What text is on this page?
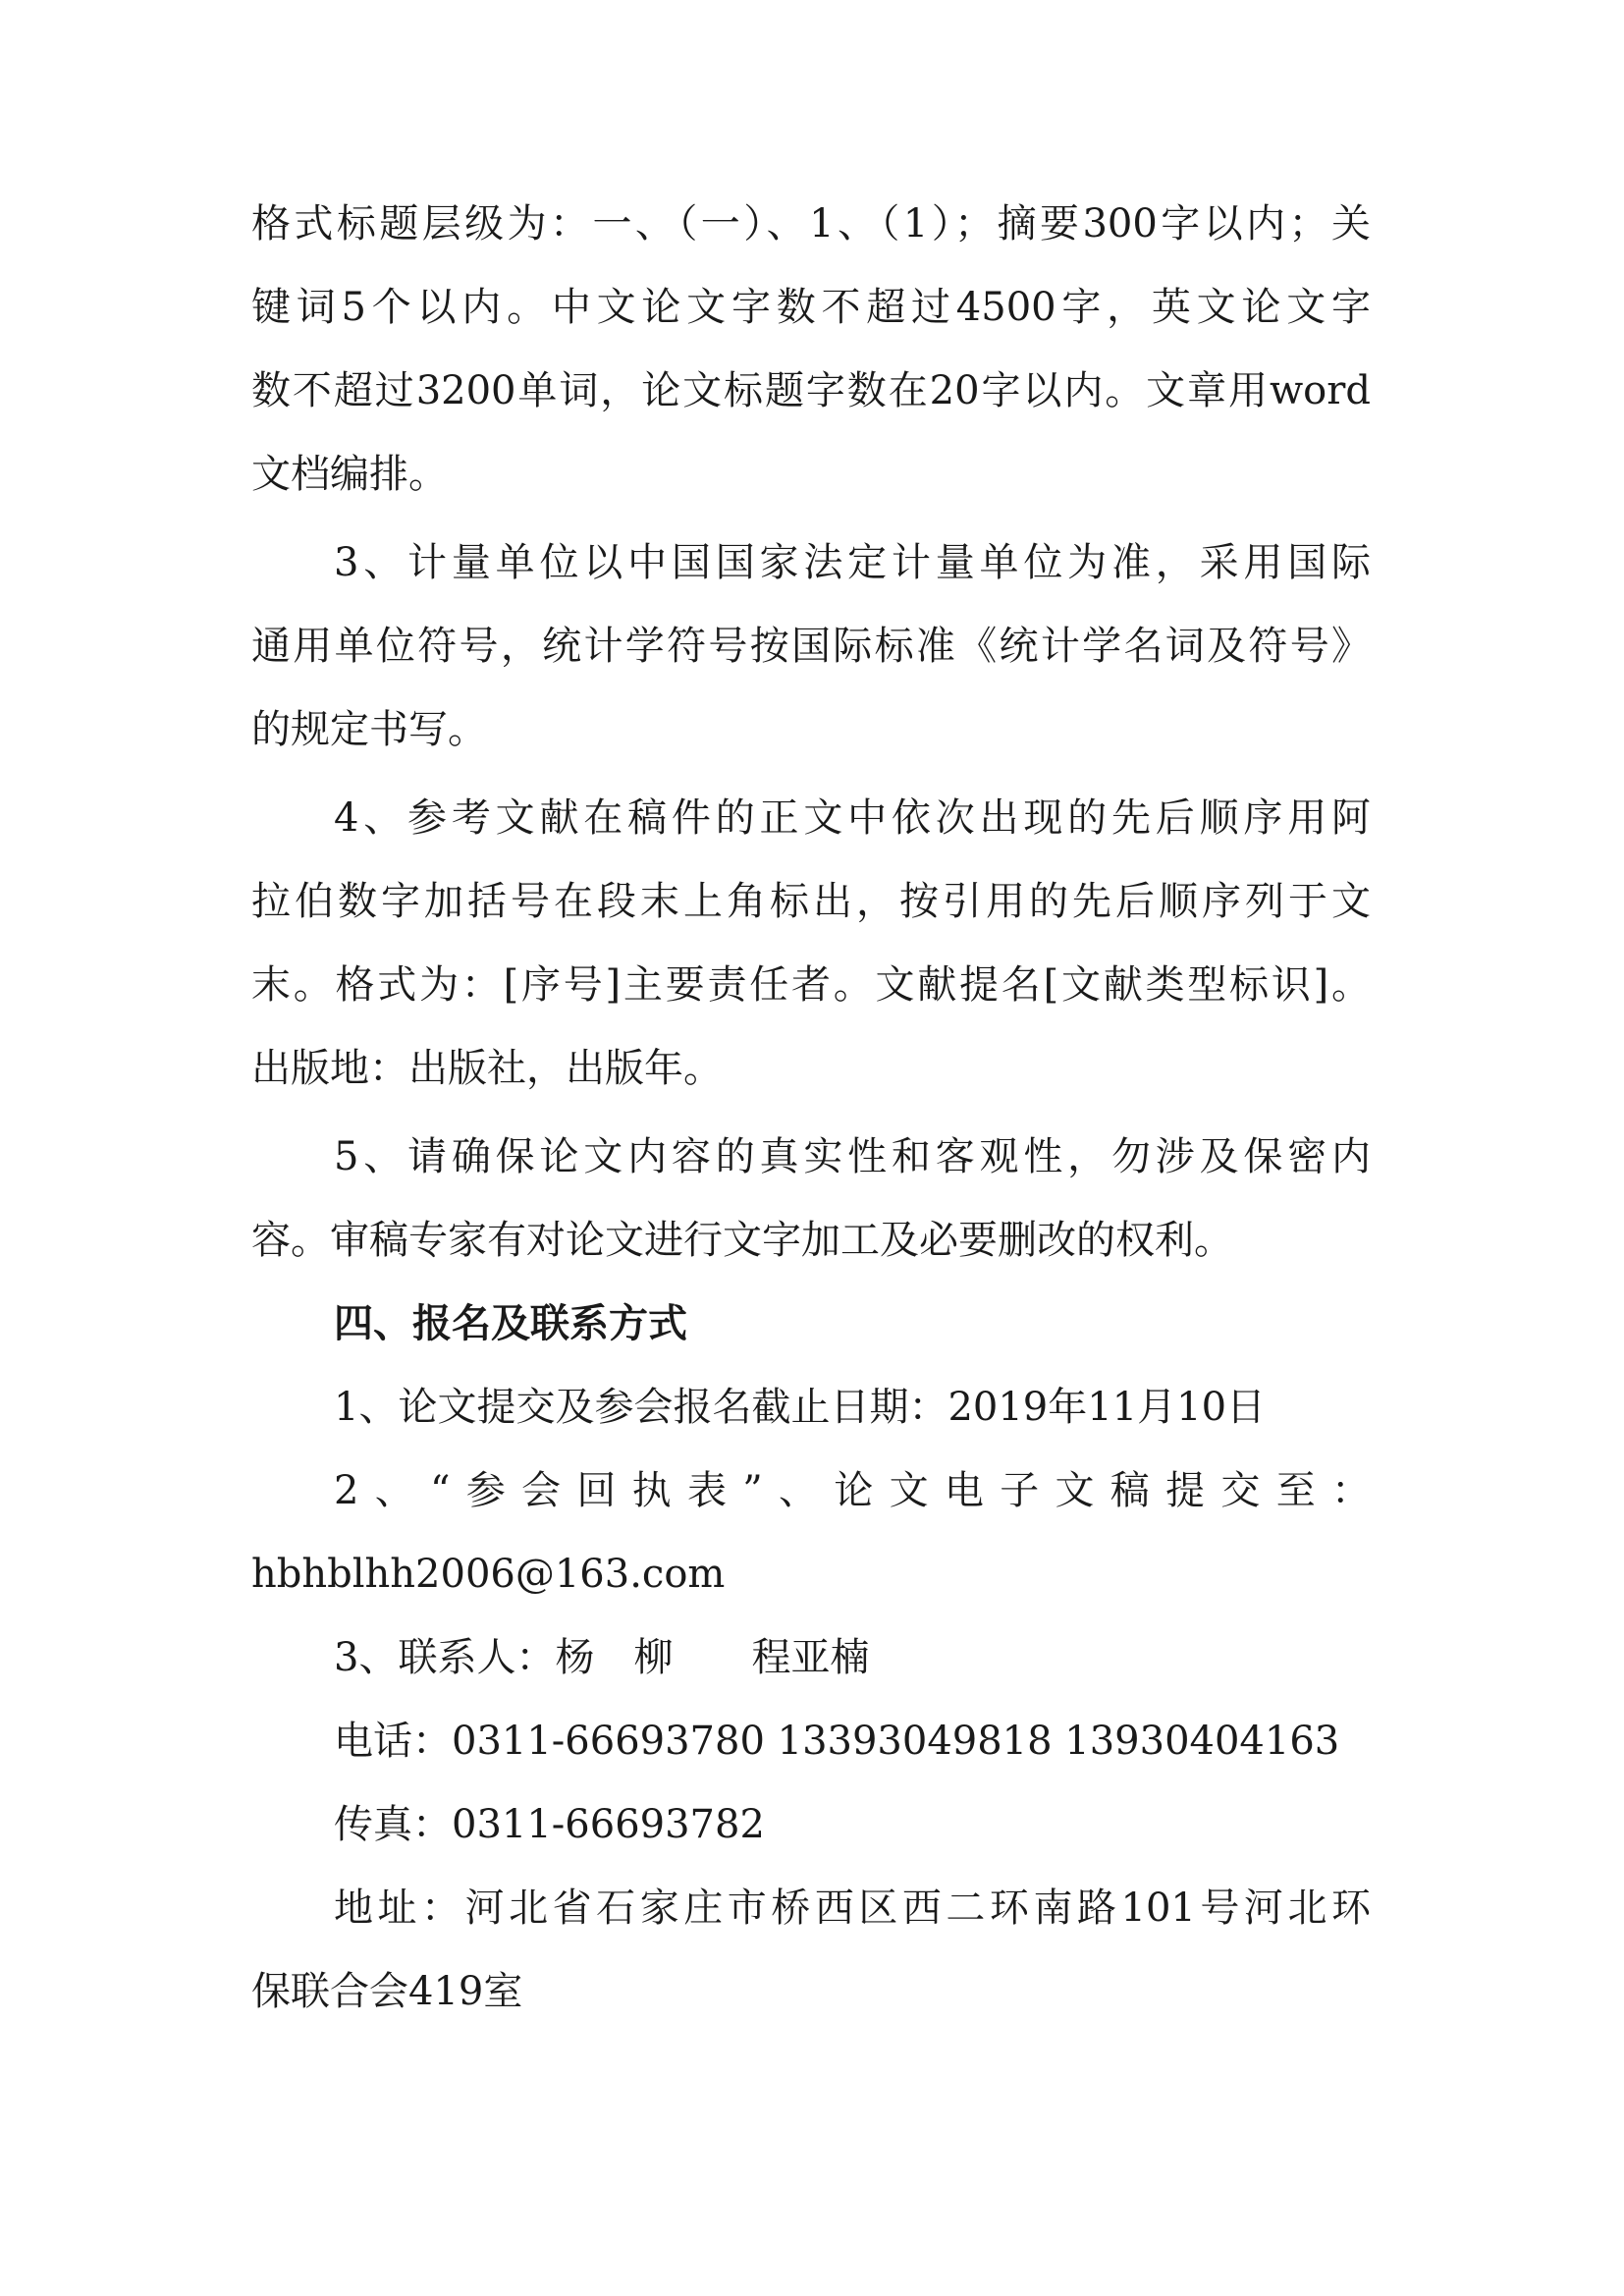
格式标题层级为：一、（一）、1、（1）；摘要300字以内；关
键词5个以内。中文论文字数不超过4500字，英文论文字
数不超过3200单词，论文标题字数在20字以内。文章用word
文档编排。
3、计量单位以中国国家法定计量单位为准，采用国际
通用单位符号，统计学符号按国际标准《统计学名词及符号》
的规定书写。
4、参考文献在稿件的正文中依次出现的先后顺序用阿
拉伯数字加括号在段末上角标出，按引用的先后顺序列于文
末。格式为：[序号]主要责任者。文献提名[文献类型标识]。
出版地：出版社，出版年。
5、请确保论文内容的真实性和客观性，勿涉及保密内
容。审稿专家有对论文进行文字加工及必要删改的权利。
四、报名及联系方式
1、论文提交及参会报名截止日期：2019年11月10日
2、“参会回执表”、论文电子文稿提交至：
hbhblhh2006@163.com
3、联系人：杨　柳　　程亚楠
电话：0311-66693780 13393049818 13930404163
传真：0311-66693782
地址：河北省石家庄市桥西区西二环南路101号河北环
保联合会419室
